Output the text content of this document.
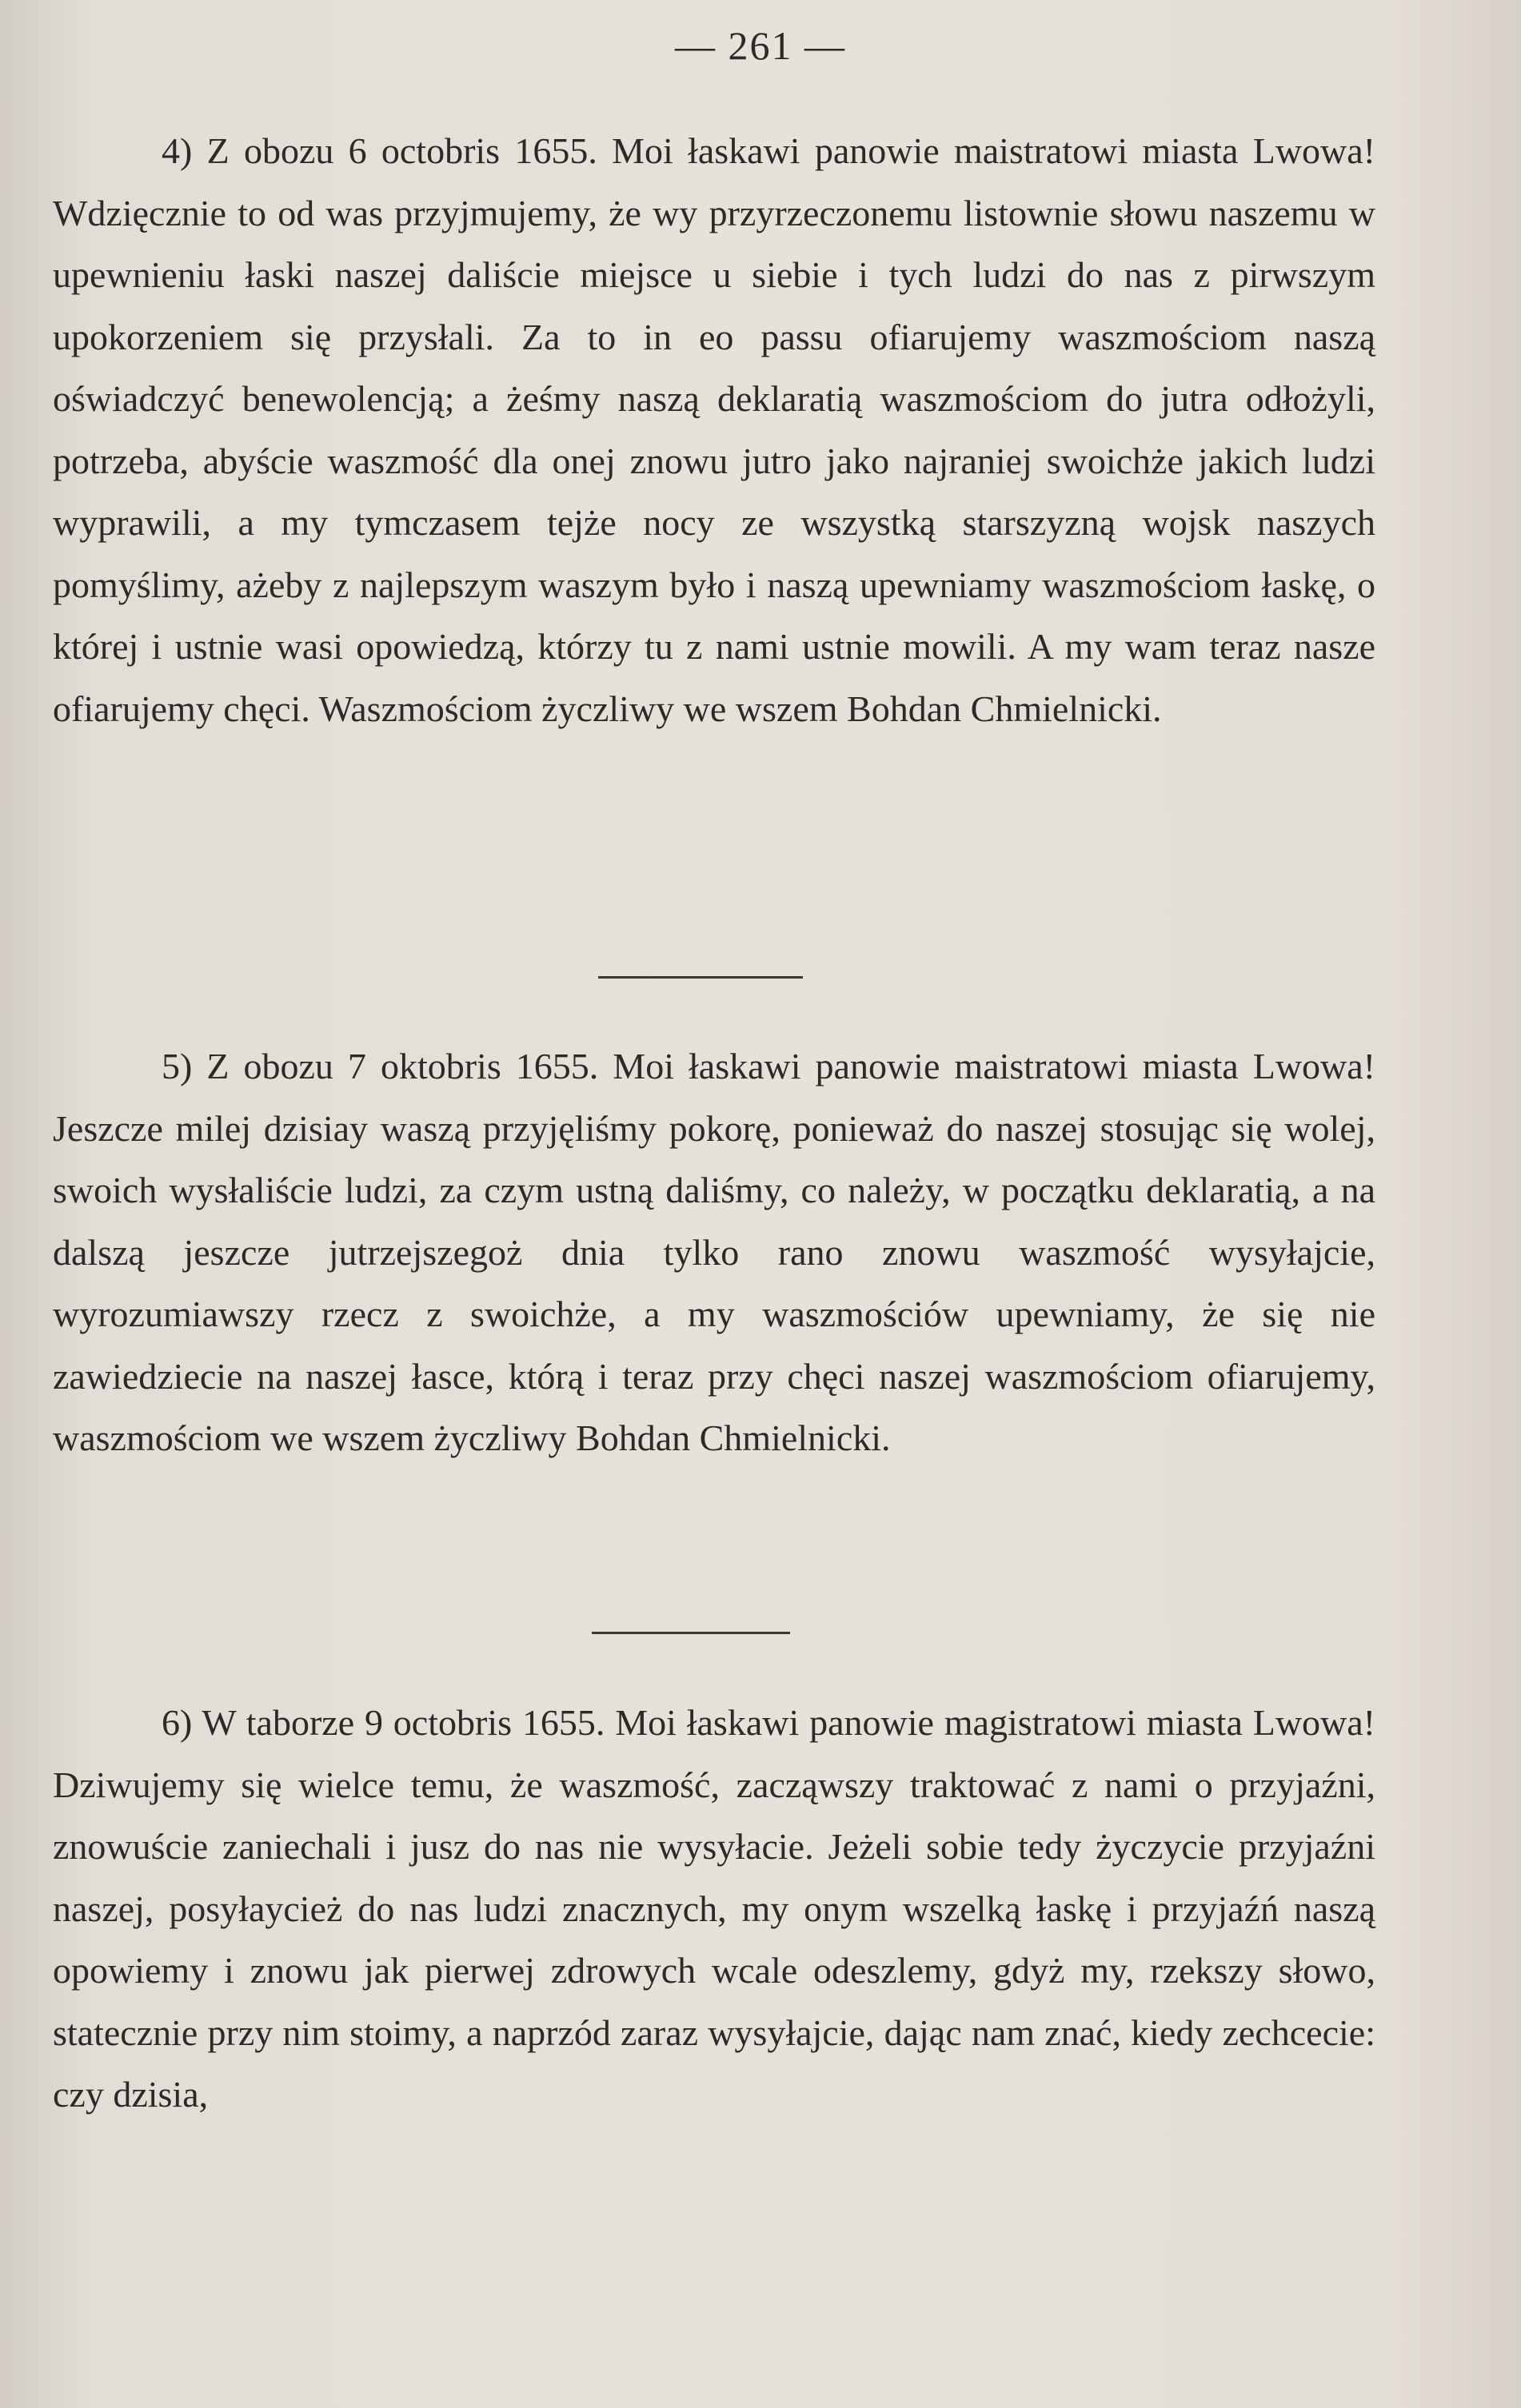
— 261 —

4) Z obozu 6 octobris 1655. Moi łaskawi panowie maistratowi miasta Lwowa! Wdzięcznie to od was przyjmujemy, że wy przyrzeczonemu listownie słowu naszemu w upewnieniu łaski naszej daliście miejsce u siebie i tych ludzi do nas z pirwszym upokorzeniem się przysłali. Za to in eo passu ofiarujemy waszmościom naszą oświadczyć benewolencją; a żeśmy naszą deklaratią waszmościom do jutra odłożyli, potrzeba, abyście waszmość dla onej znowu jutro jako najraniej swoichże jakich ludzi wyprawili, a my tymczasem tejże nocy ze wszystką starszyzną wojsk naszych pomyślimy, ażeby z najlepszym waszym było i naszą upewniamy waszmościom łaskę, o której i ustnie wasi opowiedzą, którzy tu z nami ustnie mowili. A my wam teraz nasze ofiarujemy chęci. Waszmościom życzliwy we wszem Bohdan Chmielnicki.

5) Z obozu 7 oktobris 1655. Moi łaskawi panowie maistratowi miasta Lwowa! Jeszcze milej dzisiay waszą przyjęliśmy pokorę, ponieważ do naszej stosując się wolej, swoich wysłaliście ludzi, za czym ustną daliśmy, co należy, w początku deklaratią, a na dalszą jeszcze jutrzejszegoż dnia tylko rano znowu waszmość wysyłajcie, wyrozumiawszy rzecz z swoichże, a my waszmościów upewniamy, że się nie zawiedziecie na naszej łasce, którą i teraz przy chęci naszej waszmościom ofiarujemy, waszmościom we wszem życzliwy Bohdan Chmielnicki.

6) W taborze 9 octobris 1655. Moi łaskawi panowie magistratowi miasta Lwowa! Dziwujemy się wielce temu, że waszmość, zacząwszy traktować z nami o przyjaźni, znowuście zaniechali i jusz do nas nie wysyłacie. Jeżeli sobie tedy życzycie przyjaźni naszej, posyłaycież do nas ludzi znacznych, my onym wszelką łaskę i przyjaźń naszą opowiemy i znowu jak pierwej zdrowych wcale odeszlemy, gdyż my, rzekszy słowo, statecznie przy nim stoimy, a naprzód zaraz wysyłajcie, dając nam znać, kiedy zechcecie: czy dzisia,
